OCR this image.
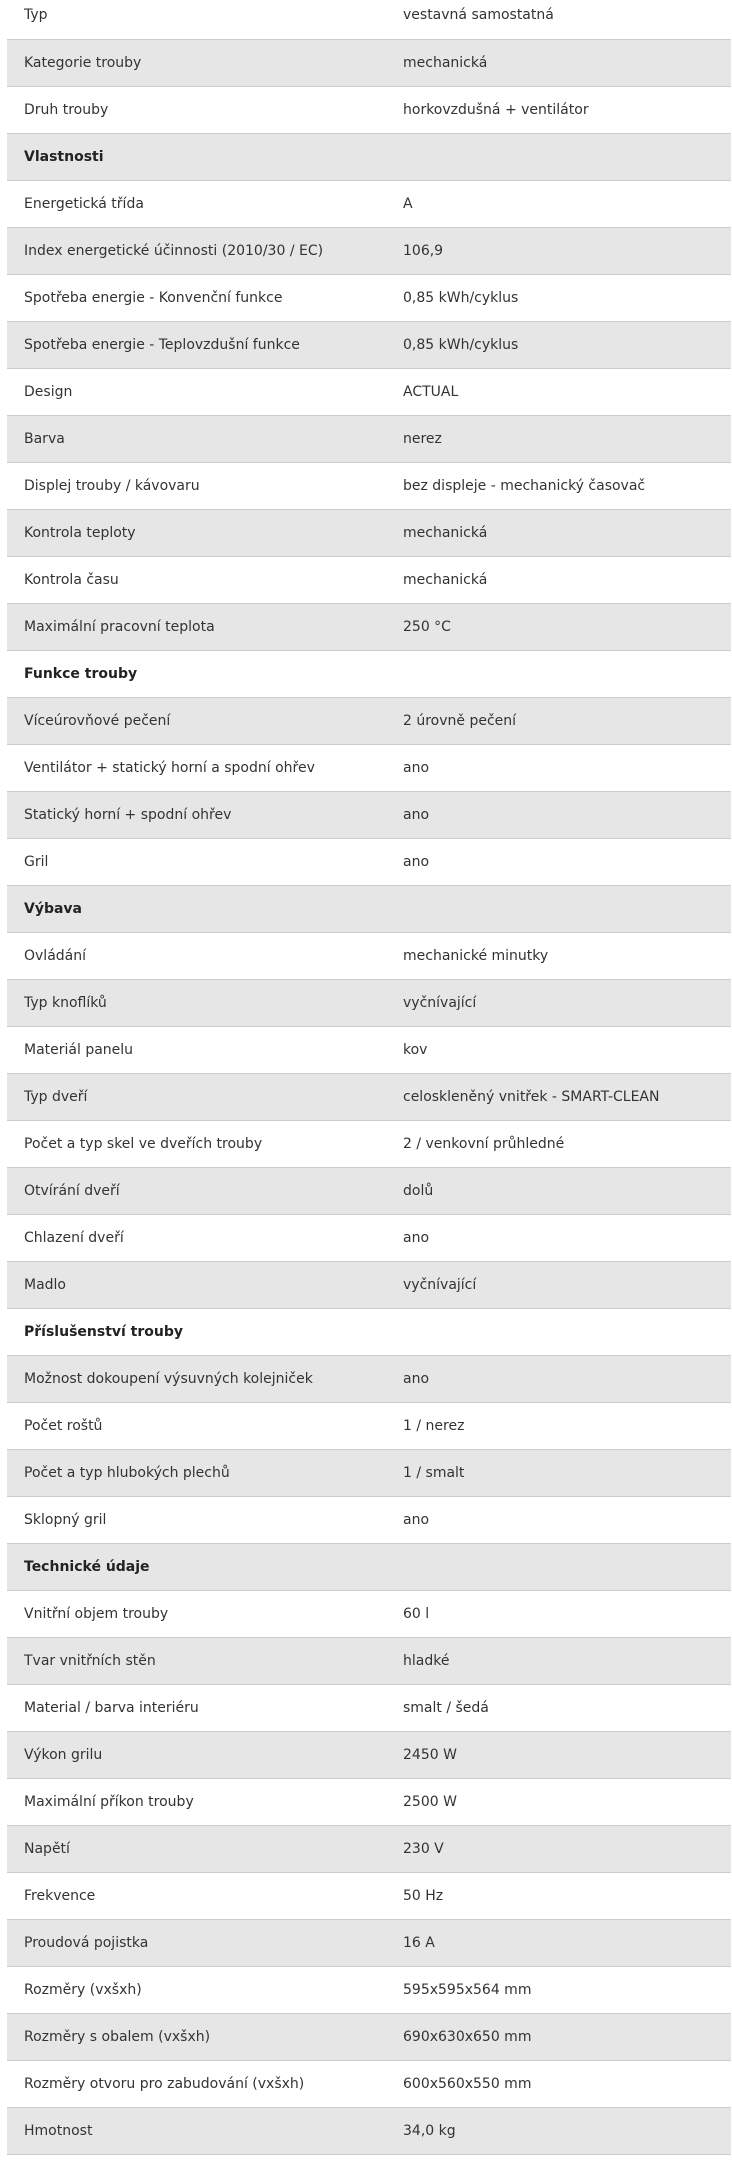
Typ	vestavná samostatná
Kategorie trouby	mechanická
Druh trouby	horkovzdušná + ventilátor
Vlastnosti	
Energetická třída	A
Index energetické účinnosti (2010/30 / EC)	106,9
Spotřeba energie - Konvenční funkce	0,85 kWh/cyklus
Spotřeba energie - Teplovzdušní funkce	0,85 kWh/cyklus
Design	ACTUAL
Barva	nerez
Displej trouby / kávovaru	bez displeje - mechanický časovač
Kontrola teploty	mechanická
Kontrola času	mechanická
Maximální pracovní teplota	250 °C
Funkce trouby	
Víceúrovňové pečení	2 úrovně pečení
Ventilátor + statický horní a spodní ohřev	ano
Statický horní + spodní ohřev	ano
Gril	ano
Výbava	
Ovládání	mechanické minutky
Typ knoflíků	vyčnívající
Materiál panelu	kov
Typ dveří	celoskleněný vnitřek - SMART-CLEAN
Počet a typ skel ve dveřích trouby	2 / venkovní průhledné
Otvírání dveří	dolů
Chlazení dveří	ano
Madlo	vyčnívající
Příslušenství trouby	
Možnost dokoupení výsuvných kolejniček	ano
Počet roštů	1 / nerez
Počet a typ hlubokých plechů	1 / smalt
Sklopný gril	ano
Technické údaje	
Vnitřní objem trouby	60 l
Tvar vnitřních stěn	hladké
Material / barva interiéru	smalt / šedá
Výkon grilu	2450 W
Maximální příkon trouby	2500 W
Napětí	230 V
Frekvence	50 Hz
Proudová pojistka	16 A
Rozměry (vxšxh)	595x595x564 mm
Rozměry s obalem (vxšxh)	690x630x650 mm
Rozměry otvoru pro zabudování (vxšxh)	600x560x550 mm
Hmotnost	34,0 kg
